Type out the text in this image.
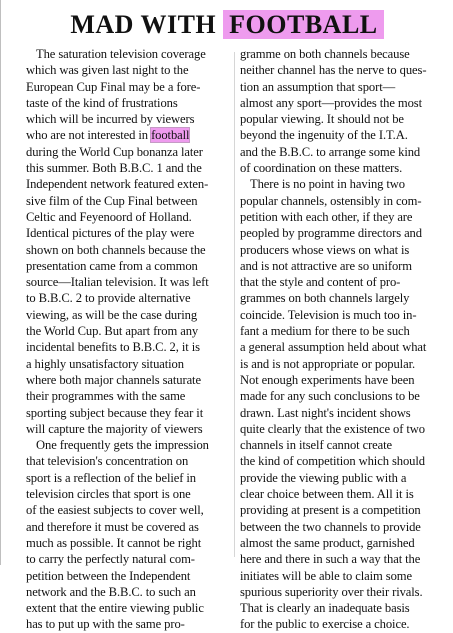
MAD WITH FOOTBALL
The saturation television coverage
which was given last night to the
European Cup Final may be a fore-
taste of the kind of frustrations
which will be incurred by viewers
who are not interested in football
during the World Cup bonanza later
this summer. Both B.B.C. 1 and the
Independent network featured exten-
sive film of the Cup Final between
Celtic and Feyenoord of Holland.
Identical pictures of the play were
shown on both channels because the
presentation came from a common
source—Italian television. It was left
to B.B.C. 2 to provide alternative
viewing, as will be the case during
the World Cup. But apart from any
incidental benefits to B.B.C. 2, it is
a highly unsatisfactory situation
where both major channels saturate
their programmes with the same
sporting subject because they fear it
will capture the majority of viewers
One frequently gets the impression
that television's concentration on
sport is a reflection of the belief in
television circles that sport is one
of the easiest subjects to cover well,
and therefore it must be covered as
much as possible. It cannot be right
to carry the perfectly natural com-
petition between the Independent
network and the B.B.C. to such an
extent that the entire viewing public
has to put up with the same pro-
gramme on both channels because
neither channel has the nerve to ques-
tion an assumption that sport—
almost any sport—provides the most
popular viewing. It should not be
beyond the ingenuity of the I.T.A.
and the B.B.C. to arrange some kind
of coordination on these matters.
There is no point in having two
popular channels, ostensibly in com-
petition with each other, if they are
peopled by programme directors and
producers whose views on what is
and is not attractive are so uniform
that the style and content of pro-
grammes on both channels largely
coincide. Television is much too in-
fant a medium for there to be such
a general assumption held about what
is and is not appropriate or popular.
Not enough experiments have been
made for any such conclusions to be
drawn. Last night's incident shows
quite clearly that the existence of two
channels in itself cannot create
the kind of competition which should
provide the viewing public with a
clear choice between them. All it is
providing at present is a competition
between the two channels to provide
almost the same product, garnished
here and there in such a way that the
initiates will be able to claim some
spurious superiority over their rivals.
That is clearly an inadequate basis
for the public to exercise a choice.
